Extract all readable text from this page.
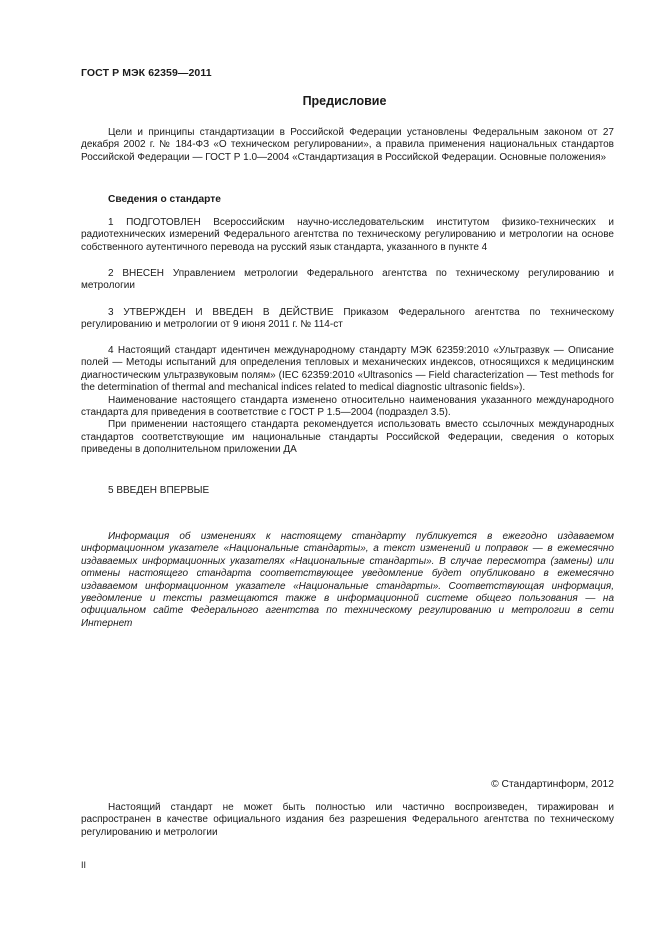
ГОСТ Р МЭК 62359—2011
Предисловие

Цели и принципы стандартизации в Российской Федерации установлены Федеральным законом от 27 декабря 2002 г. № 184-ФЗ «О техническом регулировании», а правила применения национальных стандартов Российской Федерации — ГОСТ Р 1.0—2004 «Стандартизация в Российской Федерации. Основные положения»

Сведения о стандарте

1 ПОДГОТОВЛЕН Всероссийским научно-исследовательским институтом физико-технических и радиотехнических измерений Федерального агентства по техническому регулированию и метрологии на основе собственного аутентичного перевода на русский язык стандарта, указанного в пункте 4

2 ВНЕСЕН Управлением метрологии Федерального агентства по техническому регулированию и метрологии

3 УТВЕРЖДЕН И ВВЕДЕН В ДЕЙСТВИЕ Приказом Федерального агентства по техническому регулированию и метрологии от 9 июня 2011 г. № 114-ст

4 Настоящий стандарт идентичен международному стандарту МЭК 62359:2010 «Ультразвук — Описание полей — Методы испытаний для определения тепловых и механических индексов, относящихся к медицинским диагностическим ультразвуковым полям» (IEC 62359:2010 «Ultrasonics — Field characterization — Test methods for the determination of thermal and mechanical indices related to medical diagnostic ultrasonic fields»).

Наименование настоящего стандарта изменено относительно наименования указанного международного стандарта для приведения в соответствие с ГОСТ Р 1.5—2004 (подраздел 3.5).

При применении настоящего стандарта рекомендуется использовать вместо ссылочных международных стандартов соответствующие им национальные стандарты Российской Федерации, сведения о которых приведены в дополнительном приложении ДА

5 ВВЕДЕН ВПЕРВЫЕ

Информация об изменениях к настоящему стандарту публикуется в ежегодно издаваемом информационном указателе «Национальные стандарты», а текст изменений и поправок — в ежемесячно издаваемых информационных указателях «Национальные стандарты». В случае пересмотра (замены) или отмены настоящего стандарта соответствующее уведомление будет опубликовано в ежемесячно издаваемом информационном указателе «Национальные стандарты». Соответствующая информация, уведомление и тексты размещаются также в информационной системе общего пользования — на официальном сайте Федерального агентства по техническому регулированию и метрологии в сети Интернет

© Стандартинформ, 2012

Настоящий стандарт не может быть полностью или частично воспроизведен, тиражирован и распространен в качестве официального издания без разрешения Федерального агентства по техническому регулированию и метрологии

II
